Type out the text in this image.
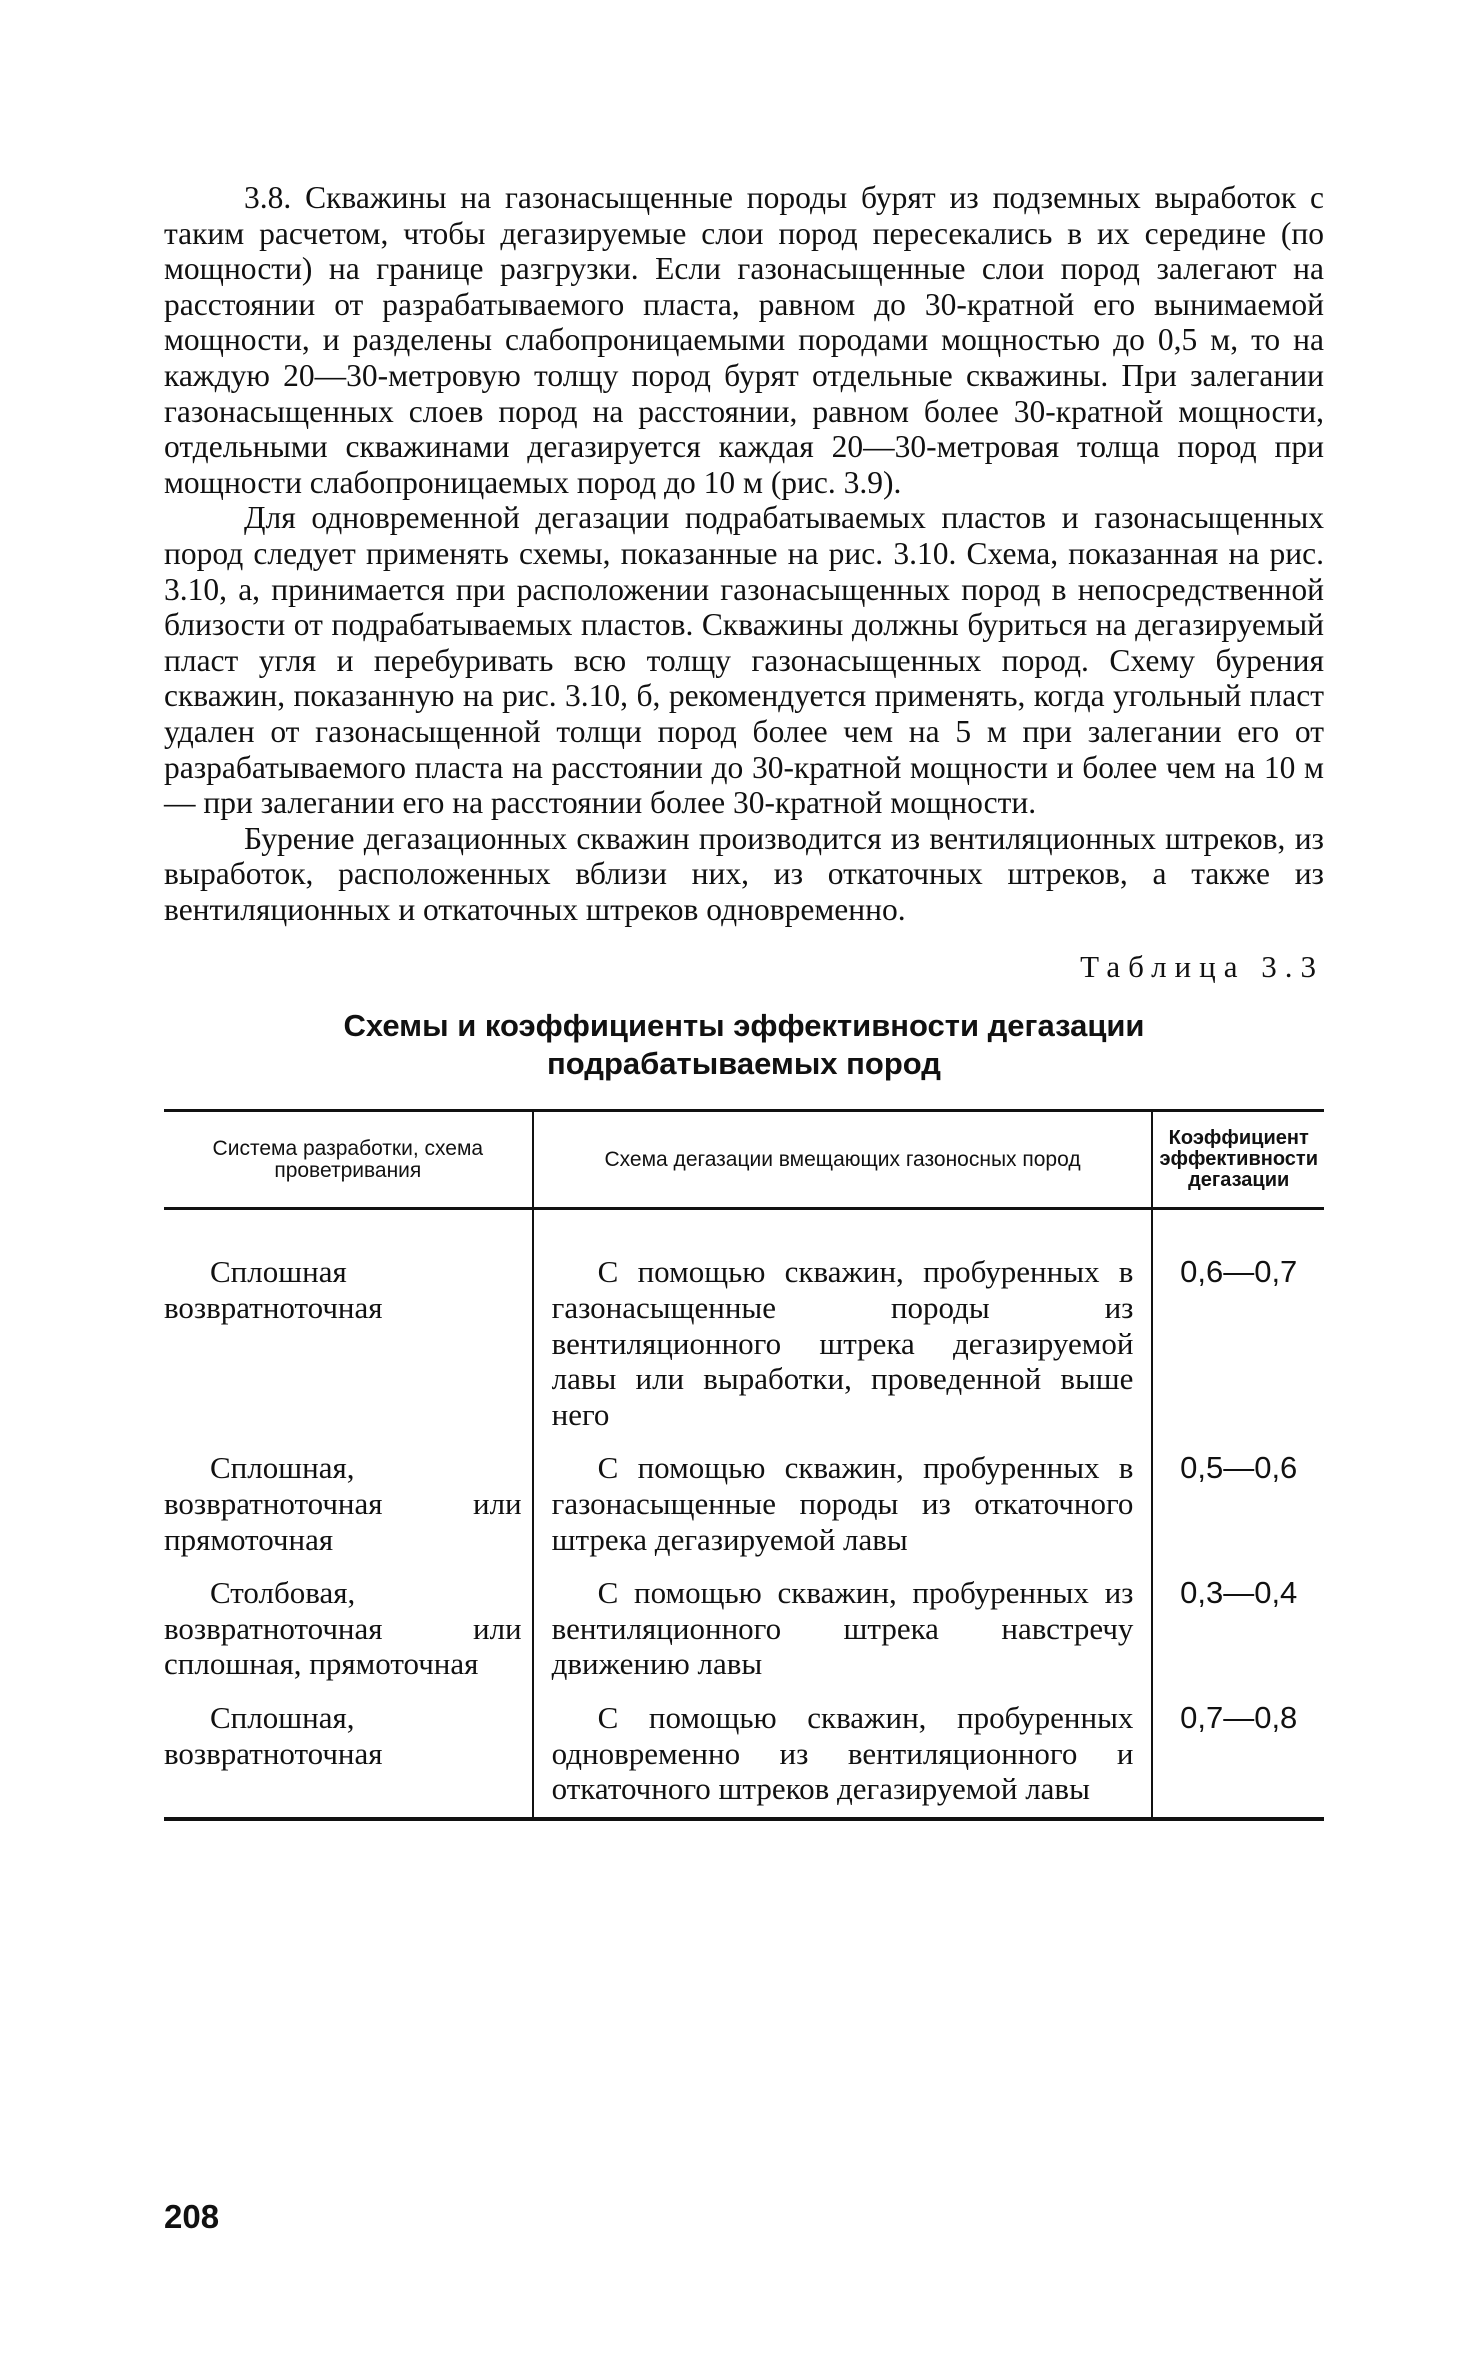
3.8. Скважины на газонасыщенные породы бурят из подземных выработок с таким расчетом, чтобы дегазируемые слои пород пересекались в их середине (по мощности) на границе разгрузки. Если газонасыщенные слои пород залегают на расстоянии от разрабатываемого пласта, равном до 30-кратной его вынимаемой мощности, и разделены слабопроницаемыми породами мощностью до 0,5 м, то на каждую 20—30-метровую толщу пород бурят отдельные скважины. При залегании газонасыщенных слоев пород на расстоянии, равном более 30-кратной мощности, отдельными скважинами дегазируется каждая 20—30-метровая толща пород при мощности слабопроницаемых пород до 10 м (рис. 3.9).

Для одновременной дегазации подрабатываемых пластов и газонасыщенных пород следует применять схемы, показанные на рис. 3.10. Схема, показанная на рис. 3.10, а, принимается при расположении газонасыщенных пород в непосредственной близости от подрабатываемых пластов. Скважины должны буриться на дегазируемый пласт угля и перебуривать всю толщу газонасыщенных пород. Схему бурения скважин, показанную на рис. 3.10, б, рекомендуется применять, когда угольный пласт удален от газонасыщенной толщи пород более чем на 5 м при залегании его от разрабатываемого пласта на расстоянии до 30-кратной мощности и более чем на 10 м — при залегании его на расстоянии более 30-кратной мощности.

Бурение дегазационных скважин производится из вентиляционных штреков, из выработок, расположенных вблизи них, из откаточных штреков, а также из вентиляционных и откаточных штреков одновременно.

Таблица 3.3
Схемы и коэффициенты эффективности дегазации
подрабатываемых пород
Система разработки, схема проветривания	Схема дегазации вмещающих газоносных пород	Коэффициент эффективности дегазации

Сплошная возвратноточная	С помощью скважин, пробуренных в газонасыщенные породы из вентиляционного штрека дегазируемой лавы или выработки, проведенной выше него	0,6—0,7

Сплошная, возвратноточная или прямоточная	С помощью скважин, пробуренных в газонасыщенные породы из откаточного штрека дегазируемой лавы	0,5—0,6

Столбовая, возвратноточная или сплошная, прямоточная	С помощью скважин, пробуренных из вентиляционного штрека навстречу движению лавы	0,3—0,4

Сплошная, возвратноточная	С помощью скважин, пробуренных одновременно из вентиляционного и откаточного штреков дегазируемой лавы	0,7—0,8
208
